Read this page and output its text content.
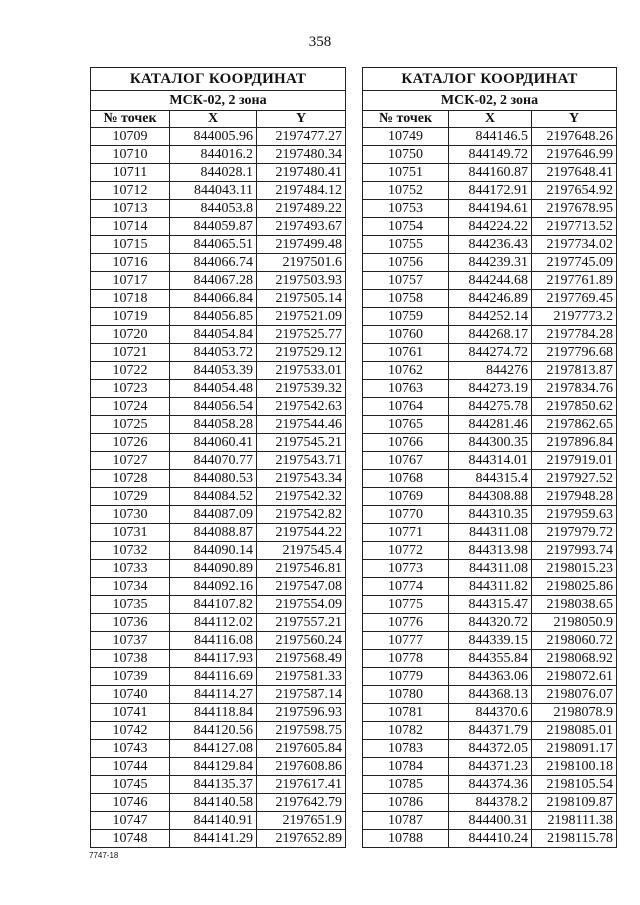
358
КАТАЛОГ КООРДИНАТ		
МСК-02, 2 зона		
№ точек	X	Y
10709	844005.96	2197477.27
10710	844016.2	2197480.34
10711	844028.1	2197480.41
10712	844043.11	2197484.12
10713	844053.8	2197489.22
10714	844059.87	2197493.67
10715	844065.51	2197499.48
10716	844066.74	2197501.6
10717	844067.28	2197503.93
10718	844066.84	2197505.14
10719	844056.85	2197521.09
10720	844054.84	2197525.77
10721	844053.72	2197529.12
10722	844053.39	2197533.01
10723	844054.48	2197539.32
10724	844056.54	2197542.63
10725	844058.28	2197544.46
10726	844060.41	2197545.21
10727	844070.77	2197543.71
10728	844080.53	2197543.34
10729	844084.52	2197542.32
10730	844087.09	2197542.82
10731	844088.87	2197544.22
10732	844090.14	2197545.4
10733	844090.89	2197546.81
10734	844092.16	2197547.08
10735	844107.82	2197554.09
10736	844112.02	2197557.21
10737	844116.08	2197560.24
10738	844117.93	2197568.49
10739	844116.69	2197581.33
10740	844114.27	2197587.14
10741	844118.84	2197596.93
10742	844120.56	2197598.75
10743	844127.08	2197605.84
10744	844129.84	2197608.86
10745	844135.37	2197617.41
10746	844140.58	2197642.79
10747	844140.91	2197651.9
10748	844141.29	2197652.89
КАТАЛОГ КООРДИНАТ		
МСК-02, 2 зона		
№ точек	X	Y
10749	844146.5	2197648.26
10750	844149.72	2197646.99
10751	844160.87	2197648.41
10752	844172.91	2197654.92
10753	844194.61	2197678.95
10754	844224.22	2197713.52
10755	844236.43	2197734.02
10756	844239.31	2197745.09
10757	844244.68	2197761.89
10758	844246.89	2197769.45
10759	844252.14	2197773.2
10760	844268.17	2197784.28
10761	844274.72	2197796.68
10762	844276	2197813.87
10763	844273.19	2197834.76
10764	844275.78	2197850.62
10765	844281.46	2197862.65
10766	844300.35	2197896.84
10767	844314.01	2197919.01
10768	844315.4	2197927.52
10769	844308.88	2197948.28
10770	844310.35	2197959.63
10771	844311.08	2197979.72
10772	844313.98	2197993.74
10773	844311.08	2198015.23
10774	844311.82	2198025.86
10775	844315.47	2198038.65
10776	844320.72	2198050.9
10777	844339.15	2198060.72
10778	844355.84	2198068.92
10779	844363.06	2198072.61
10780	844368.13	2198076.07
10781	844370.6	2198078.9
10782	844371.79	2198085.01
10783	844372.05	2198091.17
10784	844371.23	2198100.18
10785	844374.36	2198105.54
10786	844378.2	2198109.87
10787	844400.31	2198111.38
10788	844410.24	2198115.78
7747-18
